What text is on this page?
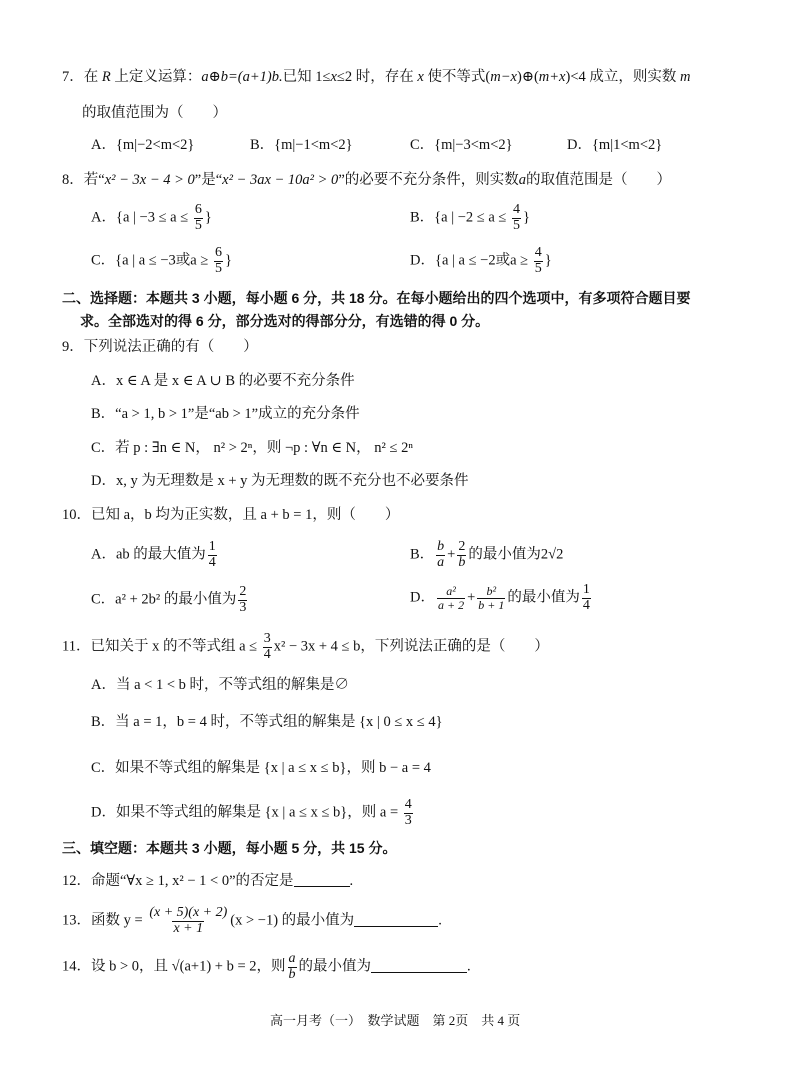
7．在 R 上定义运算：a⊕b=(a+1)b.已知 1≤x≤2 时，存在 x 使不等式(m−x)⊕(m+x)<4 成立，则实数 m
的取值范围为（　　）
A．{m|−2<m<2}	B．{m|−1<m<2}	C．{m|−3<m<2}	D．{m|1<m<2}
8．若“x² − 3x − 4 > 0”是“x² − 3ax − 10a² > 0”的必要不充分条件，则实数a的取值范围是（　　）
A．{a | $-3 \le a \le \frac{6}{5}$ }	B．{a | $-2 \le a \le \frac{4}{5}$ }
C．{a | a ≤ −3或$a \ge \frac{6}{5}$ }	D．{a | a ≤ −2或$a \ge \frac{4}{5}$ }
二、选择题：本题共 3 小题，每小题 6 分，共 18 分。在每小题给出的四个选项中，有多项符合题目要
求。全部选对的得 6 分，部分选对的得部分分，有选错的得 0 分。
9．下列说法正确的有（　　）
A．x ∈ A 是 x ∈ A ∪ B 的必要不充分条件
B．“a > 1, b > 1”是“ab > 1”成立的充分条件
C．若 p : ∃n ∈ N， n² > 2ⁿ，则 ¬p : ∀n ∈ N， n² ≤ 2ⁿ
D．x, y 为无理数是 x + y 为无理数的既不充分也不必要条件
10．已知 a，b 均为正实数，且 a + b = 1，则（　　）
A．ab 的最大值为 $\frac{1}{4}$	B． $\frac{b}{a} + \frac{2}{b}$ 的最小值为2√2
C．a² + 2b² 的最小值为 $\frac{2}{3}$	D． $\frac{\text{a²}}{a + 2} + \frac{\text{b²}}{b + 1}$ 的最小值为 $\frac{1}{4}$
11．已知关于 x 的不等式组 $a \le \frac{3}{4} x^2 - 3x + 4 \le b$，下列说法正确的是（　　）
A．当 a < 1 < b 时，不等式组的解集是∅
B．当 a = 1，b = 4 时，不等式组的解集是 {x | 0 ≤ x ≤ 4}
C．如果不等式组的解集是 {x | a ≤ x ≤ b}，则 b − a = 4
D．如果不等式组的解集是 {x | a ≤ x ≤ b}，则 $a = \frac{4}{3}$
三、填空题：本题共 3 小题，每小题 5 分，共 15 分。
12．命题“∀x ≥ 1, x² − 1 < 0”的否定是	.
13．函数 $y = \frac{(x + 5)(x + 2)}{x + 1} (x > -1)$ 的最小值为	.
14．设 b > 0，且 √(a+1) + b = 2，则 $\frac{a}{b}$ 的最小值为	.
高一月考（一）　数学试题　第 2页　共 4 页
